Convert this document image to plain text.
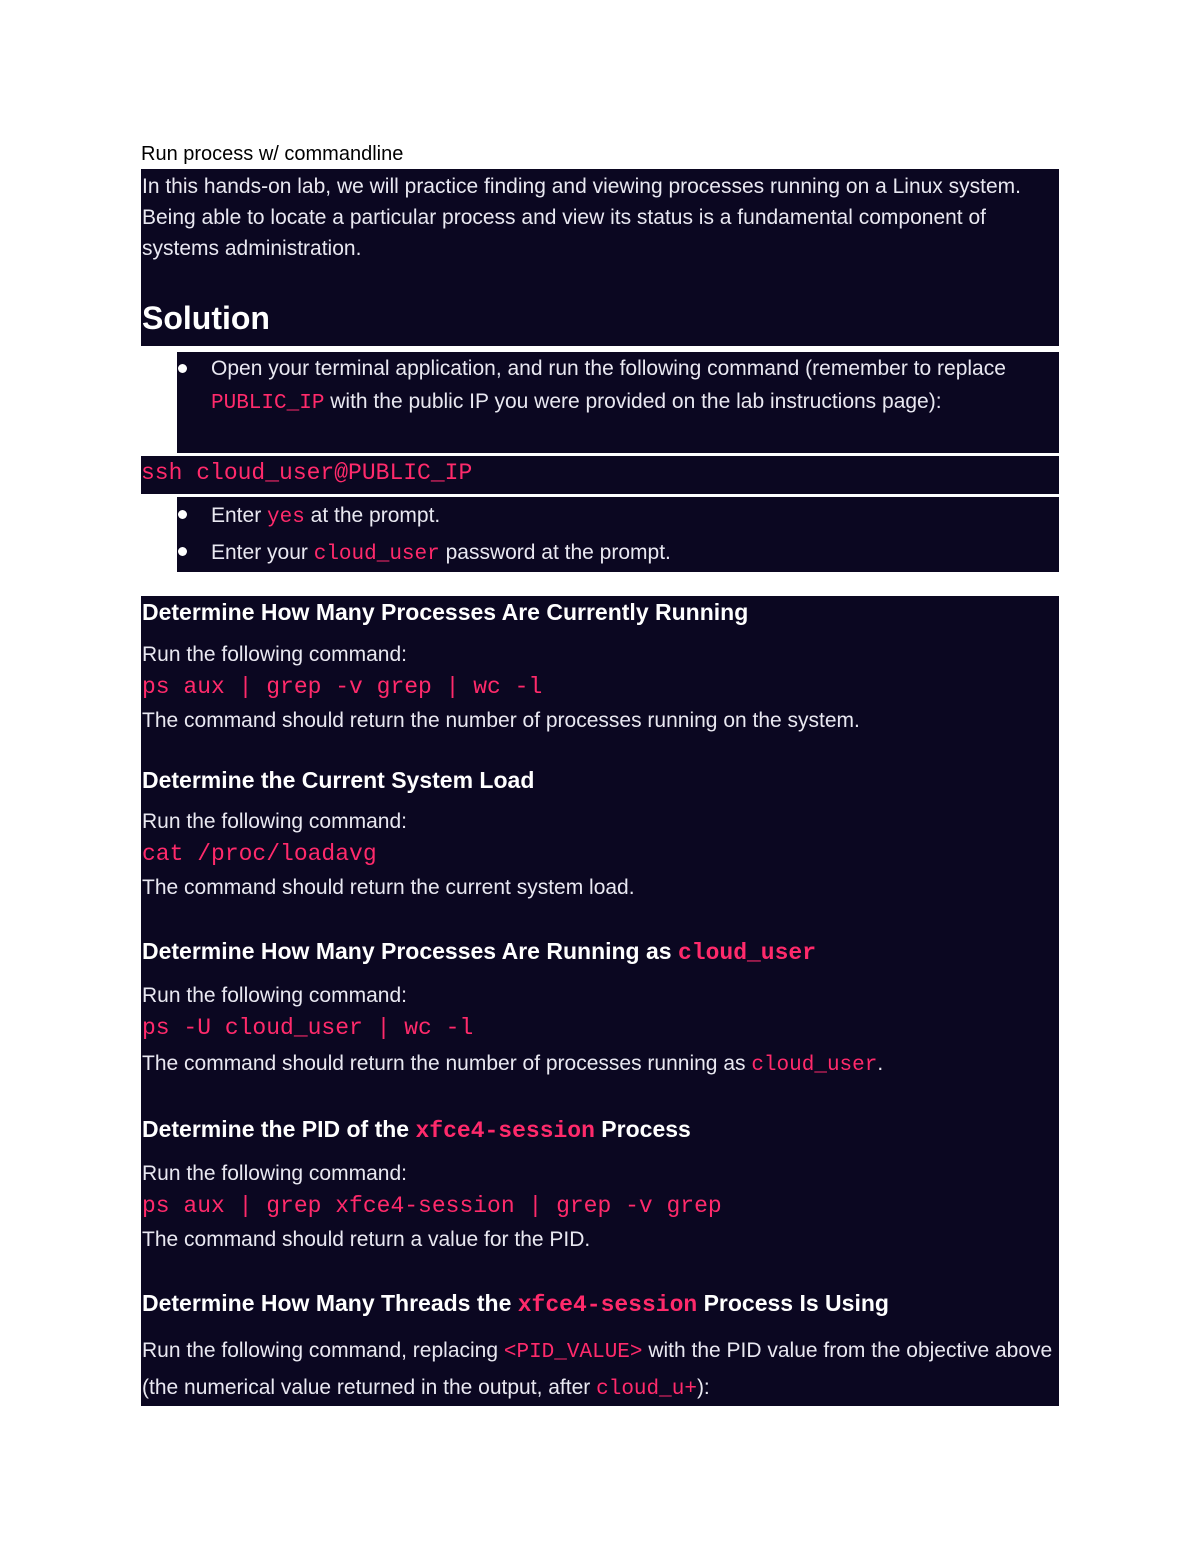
Run process w/ commandline
In this hands-on lab, we will practice finding and viewing processes running on a Linux system. Being able to locate a particular process and view its status is a fundamental component of systems administration.
Solution
Open your terminal application, and run the following command (remember to replace PUBLIC_IP with the public IP you were provided on the lab instructions page):
ssh cloud_user@PUBLIC_IP
Enter yes at the prompt.
Enter your cloud_user password at the prompt.
Determine How Many Processes Are Currently Running
Run the following command:
ps aux | grep -v grep | wc -l
The command should return the number of processes running on the system.
Determine the Current System Load
Run the following command:
cat /proc/loadavg
The command should return the current system load.
Determine How Many Processes Are Running as cloud_user
Run the following command:
ps -U cloud_user | wc -l
The command should return the number of processes running as cloud_user.
Determine the PID of the xfce4-session Process
Run the following command:
ps aux | grep xfce4-session | grep -v grep
The command should return a value for the PID.
Determine How Many Threads the xfce4-session Process Is Using
Run the following command, replacing <PID_VALUE> with the PID value from the objective above (the numerical value returned in the output, after cloud_u+):
